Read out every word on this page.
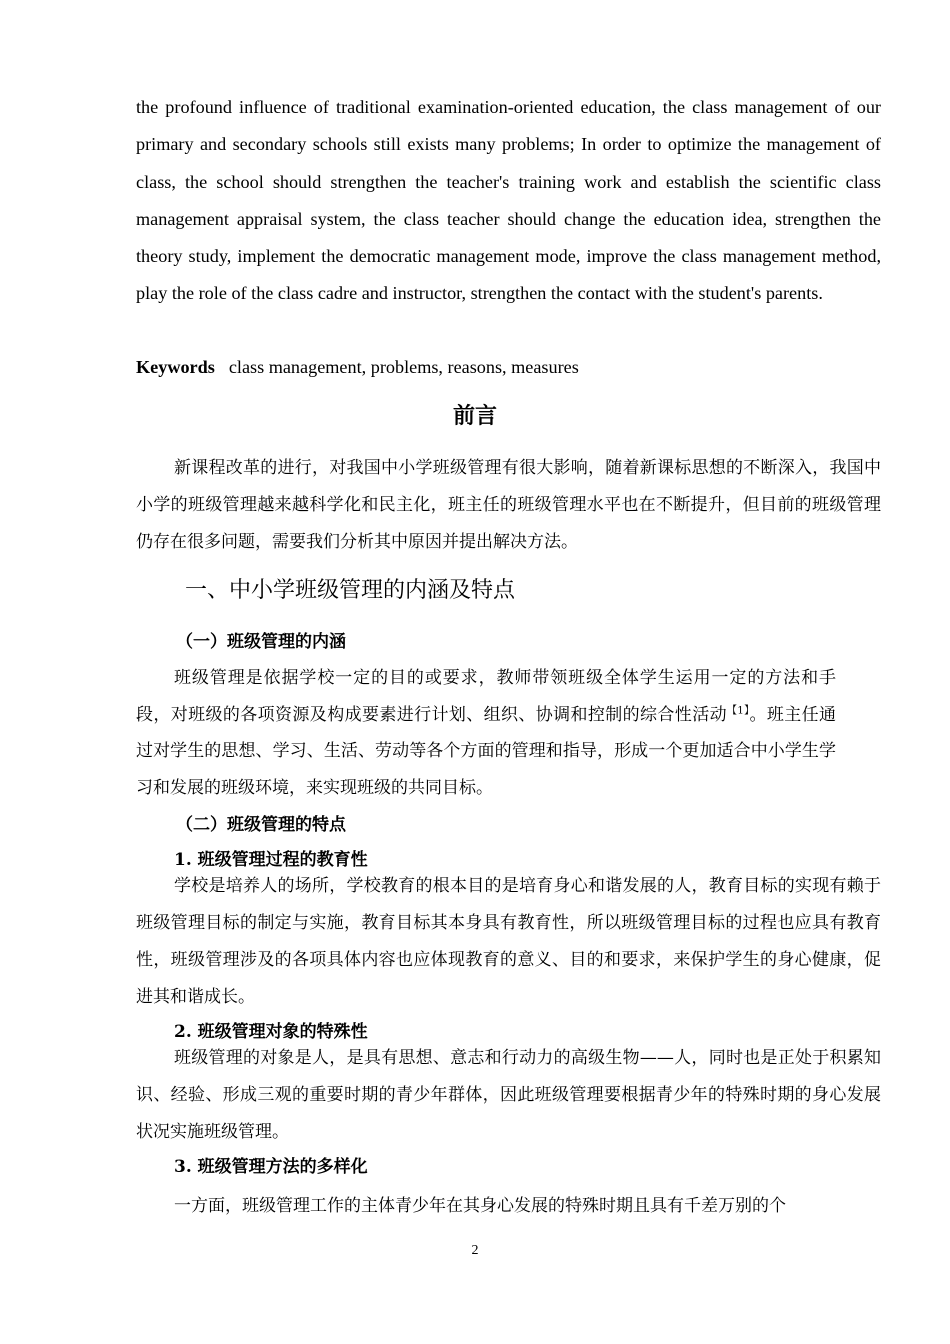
the profound influence of traditional examination-oriented education, the class management of our primary and secondary schools still exists many problems; In order to optimize the management of class, the school should strengthen the teacher's training work and establish the scientific class management appraisal system, the class teacher should change the education idea, strengthen the theory study, implement the democratic management mode, improve the class management method, play the role of the class cadre and instructor, strengthen the contact with the student's parents.

Keywords class management, problems, reasons, measures

前言

新课程改革的进行，对我国中小学班级管理有很大影响，随着新课标思想的不断深入，我国中小学的班级管理越来越科学化和民主化，班主任的班级管理水平也在不断提升，但目前的班级管理仍存在很多问题，需要我们分析其中原因并提出解决方法。

一、中小学班级管理的内涵及特点
（一）班级管理的内涵

班级管理是依据学校一定的目的或要求，教师带领班级全体学生运用一定的方法和手段，对班级的各项资源及构成要素进行计划、组织、协调和控制的综合性活动$^{【1】}$。班主任通过对学生的思想、学习、生活、劳动等各个方面的管理和指导，形成一个更加适合中小学生学习和发展的班级环境，来实现班级的共同目标。

（二）班级管理的特点
1. 班级管理过程的教育性

学校是培养人的场所，学校教育的根本目的是培育身心和谐发展的人，教育目标的实现有赖于班级管理目标的制定与实施，教育目标其本身具有教育性，所以班级管理目标的过程也应具有教育性，班级管理涉及的各项具体内容也应体现教育的意义、目的和要求，来保护学生的身心健康，促进其和谐成长。

2. 班级管理对象的特殊性

班级管理的对象是人，是具有思想、意志和行动力的高级生物——人，同时也是正处于积累知识、经验、形成三观的重要时期的青少年群体，因此班级管理要根据青少年的特殊时期的身心发展状况实施班级管理。

3. 班级管理方法的多样化

一方面，班级管理工作的主体青少年在其身心发展的特殊时期且具有千差万别的个

2
